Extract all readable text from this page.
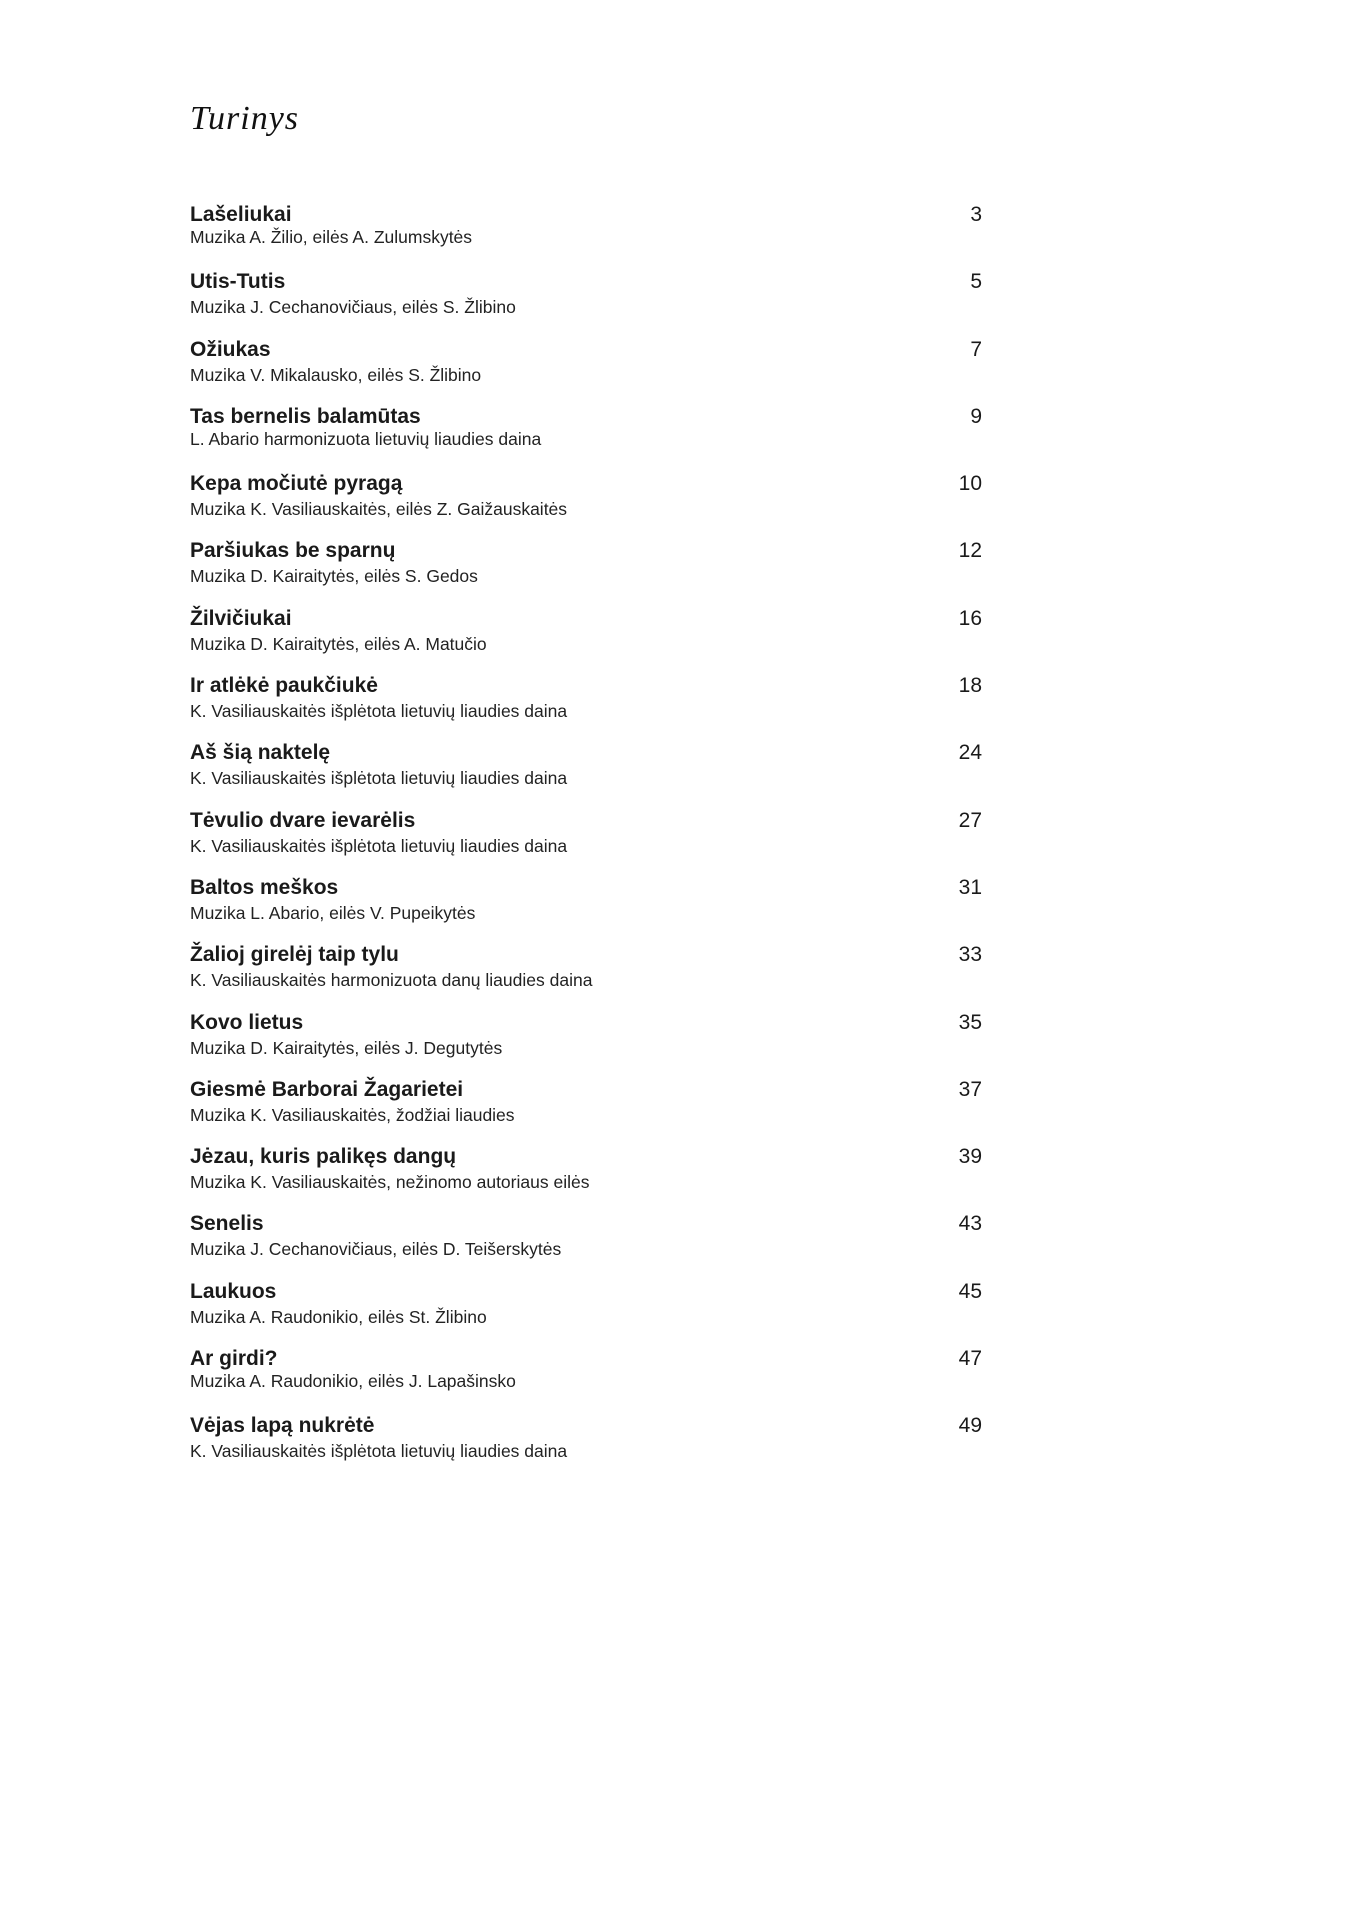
Turinys
Lašeliukai
Muzika A. Žilio, eilės A. Zulumskytės
3
Utis-Tutis
Muzika J. Cechanovičiaus, eilės S. Žlibino
5
Ožiukas
Muzika V. Mikalausko, eilės S. Žlibino
7
Tas bernelis balamūtas
L. Abario harmonizuota lietuvių liaudies daina
9
Kepa močiutė pyragą
Muzika K. Vasiliauskaitės, eilės Z. Gaižauskaitės
10
Paršiukas be sparnų
Muzika D. Kairaitytės, eilės S. Gedos
12
Žilvičiukai
Muzika D. Kairaitytės, eilės A. Matučio
16
Ir atlėkė paukčiukė
K. Vasiliauskaitės išplėtota lietuvių liaudies daina
18
Aš šią naktelę
K. Vasiliauskaitės išplėtota lietuvių liaudies daina
24
Tėvulio dvare ievarėlis
K. Vasiliauskaitės išplėtota lietuvių liaudies daina
27
Baltos meškos
Muzika L. Abario, eilės V. Pupeikytės
31
Žalioj girelėj taip tylu
K. Vasiliauskaitės harmonizuota danų liaudies daina
33
Kovo lietus
Muzika D. Kairaitytės, eilės J. Degutytės
35
Giesmė Barborai Žagarietei
Muzika K. Vasiliauskaitės, žodžiai liaudies
37
Jėzau, kuris palikęs dangų
Muzika K. Vasiliauskaitės, nežinomo autoriaus eilės
39
Senelis
Muzika J. Cechanovičiaus, eilės D. Teišerskytės
43
Laukuos
Muzika A. Raudonikio, eilės St. Žlibino
45
Ar girdi?
Muzika A. Raudonikio, eilės J. Lapašinsko
47
Vėjas lapą nukrėtė
K. Vasiliauskaitės išplėtota lietuvių liaudies daina
49
